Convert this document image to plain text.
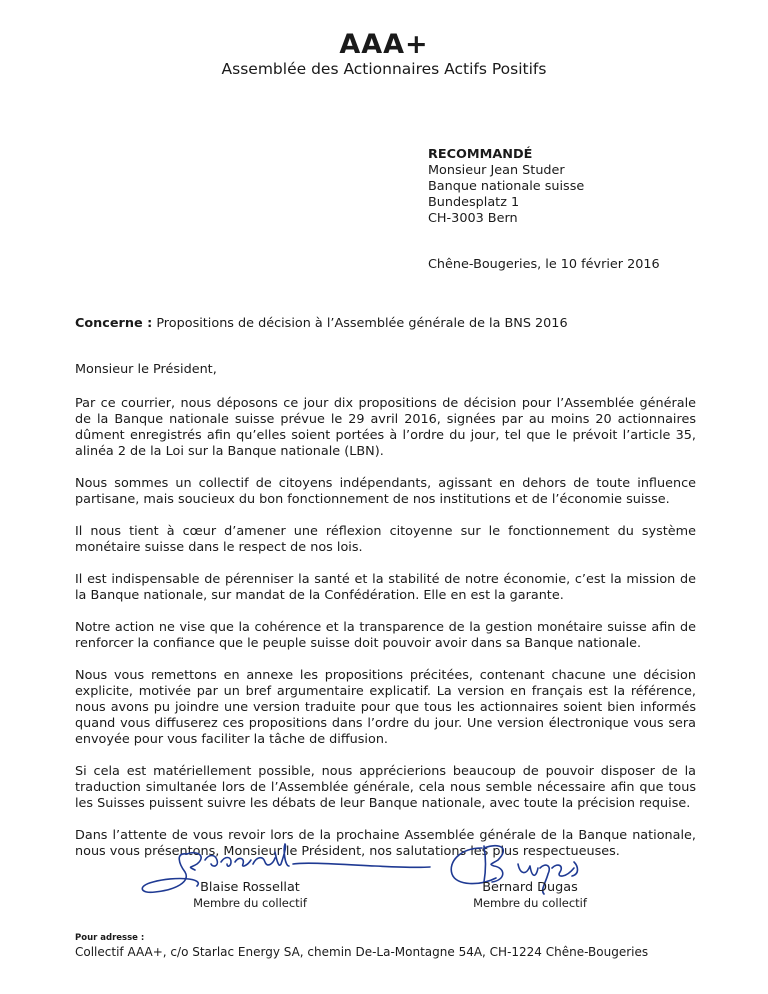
AAA+
Assemblée des Actionnaires Actifs Positifs
RECOMMANDÉ
Monsieur Jean Studer
Banque nationale suisse
Bundesplatz 1
CH-3003 Bern
Chêne-Bougeries, le 10 février 2016

Concerne : Propositions de décision à l’Assemblée générale de la BNS 2016

Monsieur le Président,

Par ce courrier, nous déposons ce jour dix propositions de décision pour l’Assemblée générale de la Banque nationale suisse prévue le 29 avril 2016, signées par au moins 20 actionnaires dûment enregistrés afin qu’elles soient portées à l’ordre du jour, tel que le prévoit l’article 35, alinéa 2 de la Loi sur la Banque nationale (LBN).

Nous sommes un collectif de citoyens indépendants, agissant en dehors de toute influence partisane, mais soucieux du bon fonctionnement de nos institutions et de l’économie suisse.

Il nous tient à cœur d’amener une réflexion citoyenne sur le fonctionnement du système monétaire suisse dans le respect de nos lois.

Il est indispensable de pérenniser la santé et la stabilité de notre économie, c’est la mission de la Banque nationale, sur mandat de la Confédération. Elle en est la garante.

Notre action ne vise que la cohérence et la transparence de la gestion monétaire suisse afin de renforcer la confiance que le peuple suisse doit pouvoir avoir dans sa Banque nationale.

Nous vous remettons en annexe les propositions précitées, contenant chacune une décision explicite, motivée par un bref argumentaire explicatif. La version en français est la référence, nous avons pu joindre une version traduite pour que tous les actionnaires soient bien informés quand vous diffuserez ces propositions dans l’ordre du jour. Une version électronique vous sera envoyée pour vous faciliter la tâche de diffusion.

Si cela est matériellement possible, nous apprécierions beaucoup de pouvoir disposer de la traduction simultanée lors de l’Assemblée générale, cela nous semble nécessaire afin que tous les Suisses puissent suivre les débats de leur Banque nationale, avec toute la précision requise.

Dans l’attente de vous revoir lors de la prochaine Assemblée générale de la Banque nationale, nous vous présentons, Monsieur le Président, nos salutations les plus respectueuses.

Blaise Rossellat
Membre du collectif
Bernard Dugas
Membre du collectif
Pour adresse :
Collectif AAA+, c/o Starlac Energy SA, chemin De-La-Montagne 54A, CH-1224 Chêne-Bougeries
